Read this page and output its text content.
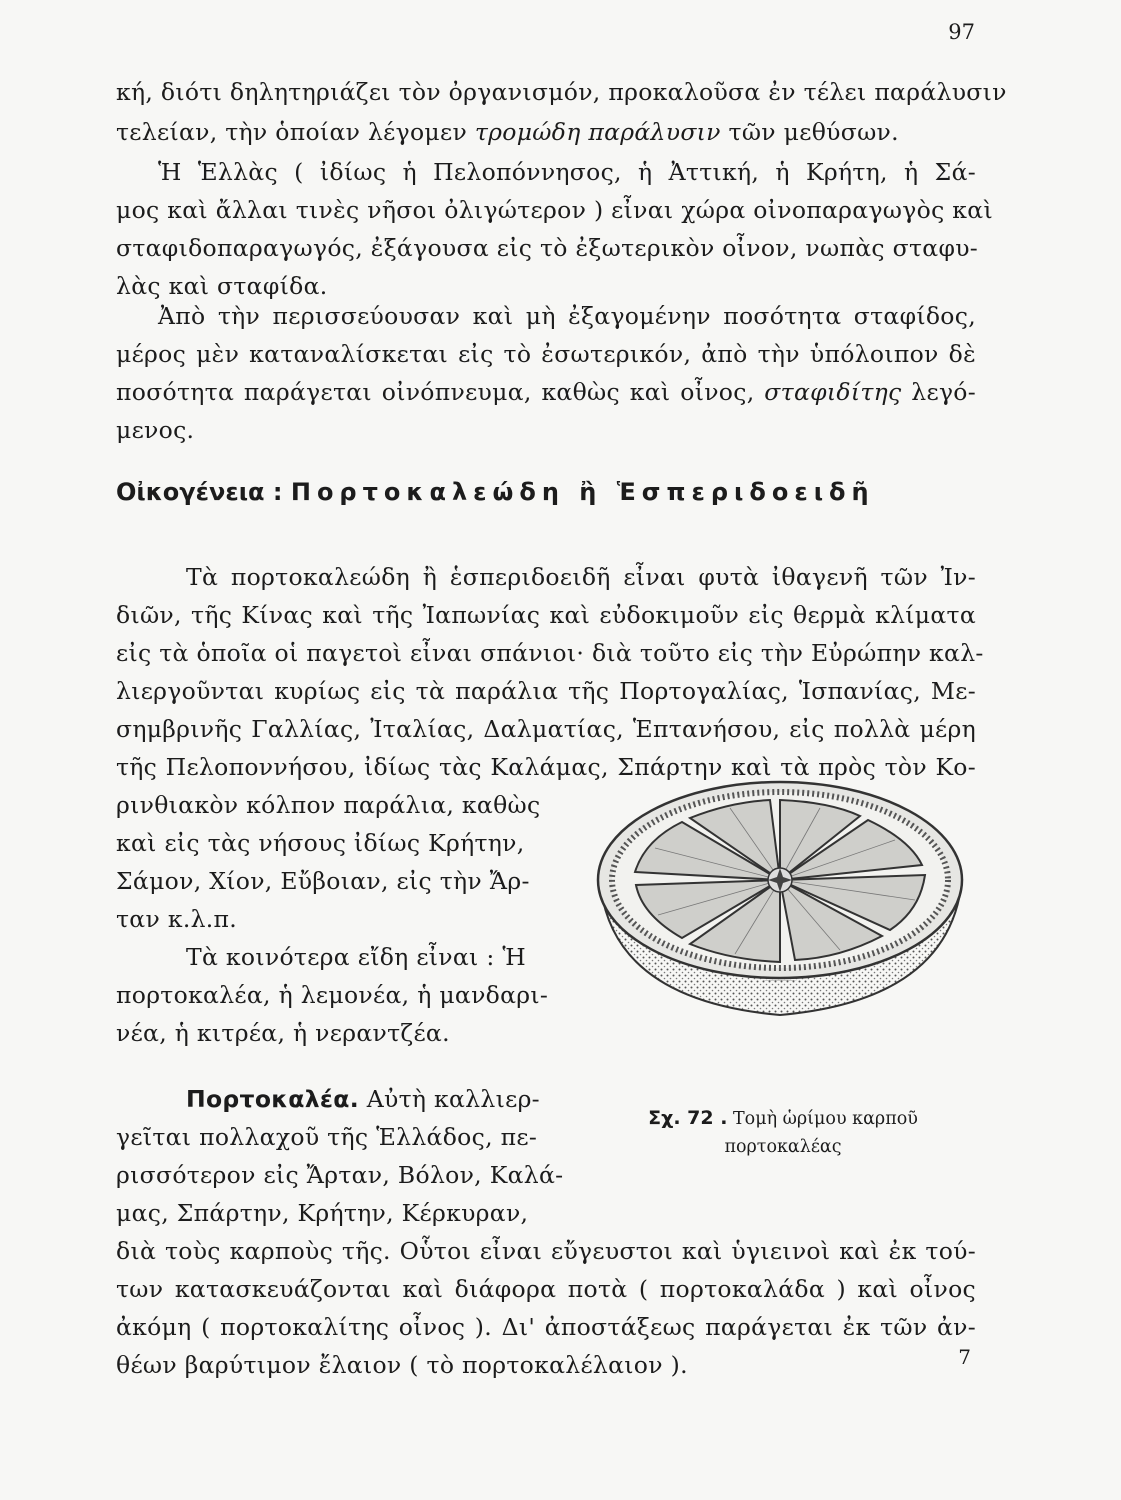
97
κή, διότι δηλητηριάζει τὸν ὀργανισμόν, προκαλοῦσα ἐν τέλει παράλυσιν
τελείαν, τὴν ὁποίαν λέγομεν τρομώδη παράλυσιν τῶν μεθύσων.
Ἡ Ἑλλὰς ( ἰδίως ἡ Πελοπόννησος, ἡ Ἀττική, ἡ Κρήτη, ἡ Σά-
μος καὶ ἄλλαι τινὲς νῆσοι ὀλιγώτερον ) εἶναι χώρα οἰνοπαραγωγὸς καὶ
σταφιδοπαραγωγός, ἐξάγουσα εἰς τὸ ἐξωτερικὸν οἶνον, νωπὰς σταφυ-
λὰς καὶ σταφίδα.
Ἀπὸ τὴν περισσεύουσαν καὶ μὴ ἐξαγομένην ποσότητα σταφίδος,
μέρος μὲν καταναλίσκεται εἰς τὸ ἐσωτερικόν, ἀπὸ τὴν ὑπόλοιπον δὲ
ποσότητα παράγεται οἰνόπνευμα, καθὼς καὶ οἶνος, σταφιδίτης λεγό-
μενος.
Οἰκογένεια : Πορτοκαλεώδη ἢ Ἑσπεριδοειδῆ
Τὰ πορτοκαλεώδη ἢ ἑσπεριδοειδῆ εἶναι φυτὰ ἰθαγενῆ τῶν Ἰν-
διῶν, τῆς Κίνας καὶ τῆς Ἰαπωνίας καὶ εὐδοκιμοῦν εἰς θερμὰ κλίματα
εἰς τὰ ὁποῖα οἱ παγετοὶ εἶναι σπάνιοι· διὰ τοῦτο εἰς τὴν Εὐρώπην καλ-
λιεργοῦνται κυρίως εἰς τὰ παράλια τῆς Πορτογαλίας, Ἱσπανίας, Με-
σημβρινῆς Γαλλίας, Ἰταλίας, Δαλματίας, Ἑπτανήσου, εἰς πολλὰ μέρη
τῆς Πελοποννήσου, ἰδίως τὰς Καλάμας, Σπάρτην καὶ τὰ πρὸς τὸν Κο-
ρινθιακὸν κόλπον παράλια, καθὼς
καὶ εἰς τὰς νήσους ἰδίως Κρήτην,
Σάμον, Χίον, Εὔβοιαν, εἰς τὴν Ἄρ-
ταν κ.λ.π.
Τὰ κοινότερα εἴδη εἶναι : Ἡ
πορτοκαλέα, ἡ λεμονέα, ἡ μανδαρι-
νέα, ἡ κιτρέα, ἡ νεραντζέα.
Πορτοκαλέα. Αὐτὴ καλλιερ-
γεῖται πολλαχοῦ τῆς Ἑλλάδος, πε-
ρισσότερον εἰς Ἄρταν, Βόλον, Καλά-
μας, Σπάρτην, Κρήτην, Κέρκυραν,
διὰ τοὺς καρποὺς τῆς. Οὗτοι εἶναι εὔγευστοι καὶ ὑγιεινοὶ καὶ ἐκ τού-
των κατασκευάζονται καὶ διάφορα ποτὰ ( πορτοκαλάδα ) καὶ οἶνος
ἀκόμη ( πορτοκαλίτης οἶνος ). Δι' ἀποστάξεως παράγεται ἐκ τῶν ἀν-
θέων βαρύτιμον ἔλαιον ( τὸ πορτοκαλέλαιον ).
Σχ. 72 . Τομὴ ὡρίμου καρποῦ
πορτοκαλέας
7
